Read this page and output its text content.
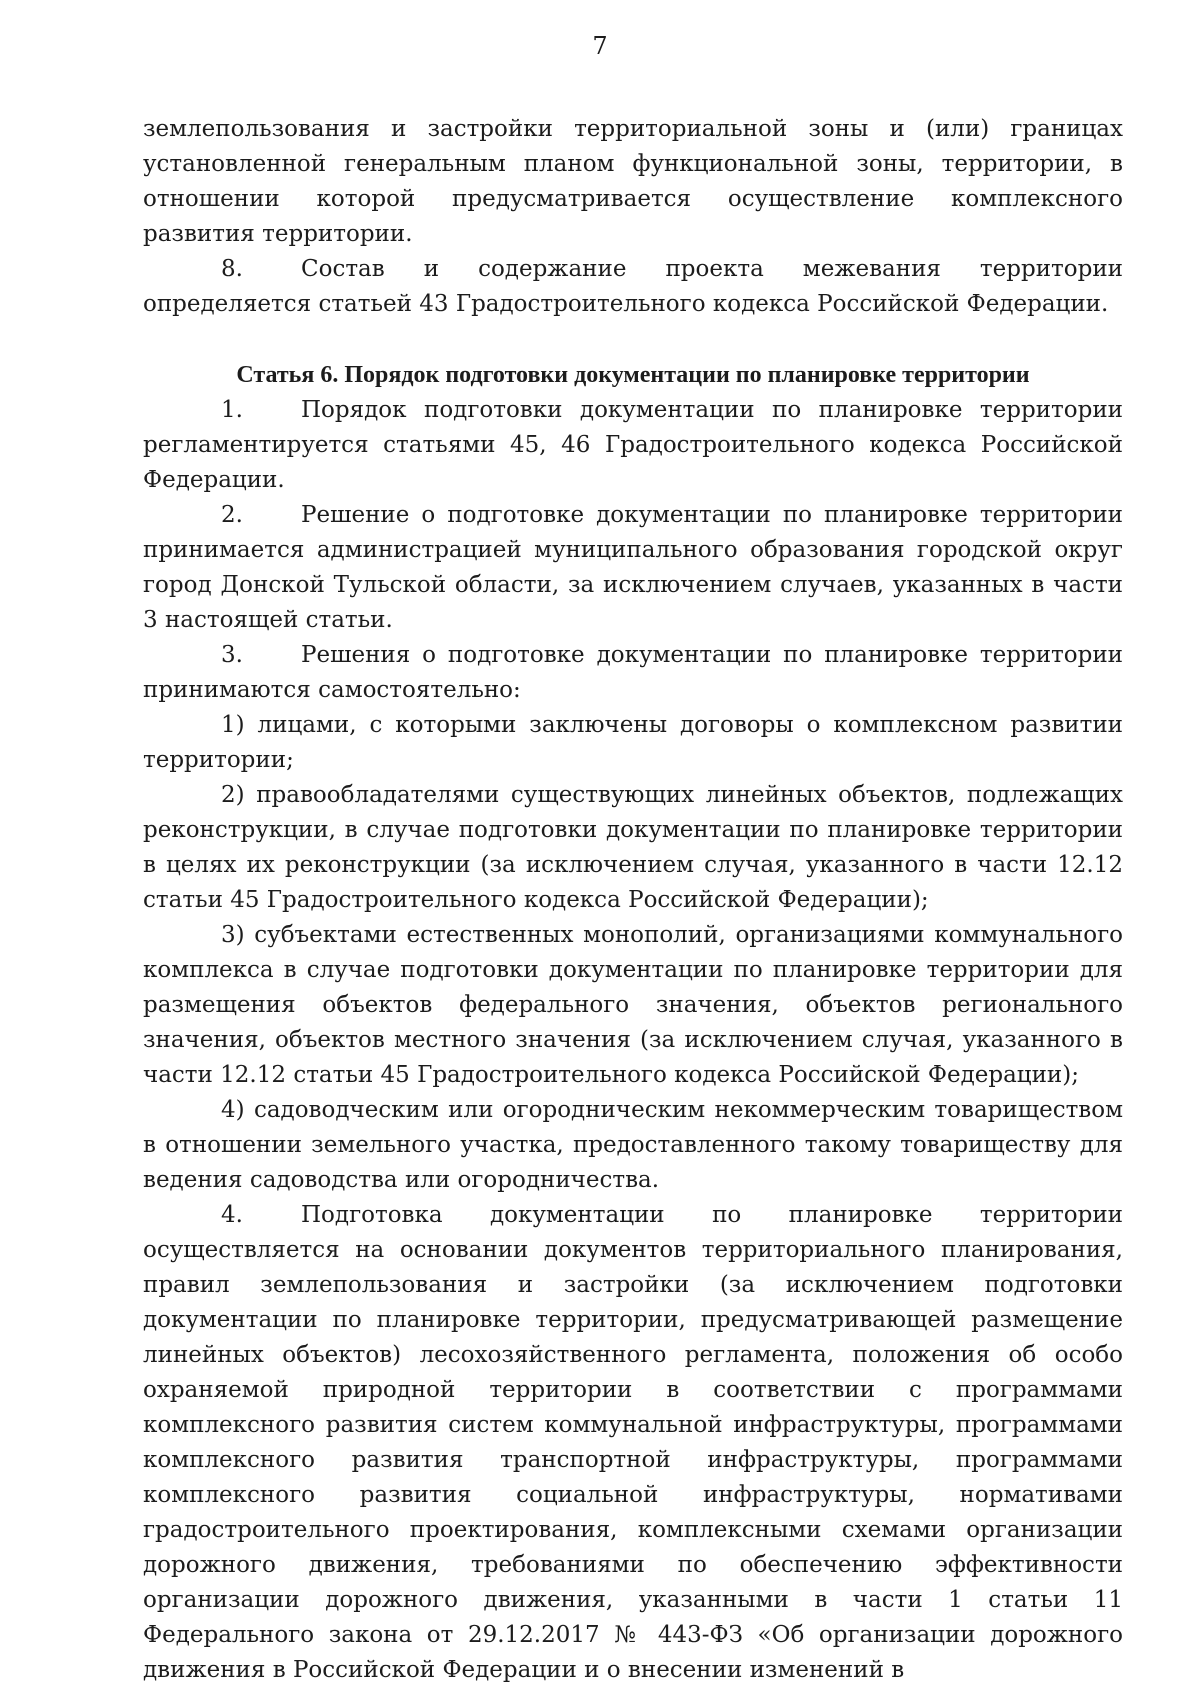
7

землепользования и застройки территориальной зоны и (или) границах установленной генеральным планом функциональной зоны, территории, в отношении которой предусматривается осуществление комплексного развития территории.

8.	Состав и содержание проекта межевания территории определяется статьей 43 Градостроительного кодекса Российской Федерации.

Статья 6. Порядок подготовки документации по планировке территории

1.	Порядок подготовки документации по планировке территории регламентируется статьями 45, 46 Градостроительного кодекса Российской Федерации.

2.	Решение о подготовке документации по планировке территории принимается администрацией муниципального образования городской округ город Донской Тульской области, за исключением случаев, указанных в части 3 настоящей статьи.

3.	Решения о подготовке документации по планировке территории принимаются самостоятельно:

1) лицами, с которыми заключены договоры о комплексном развитии территории;

2) правообладателями существующих линейных объектов, подлежащих реконструкции, в случае подготовки документации по планировке территории в целях их реконструкции (за исключением случая, указанного в части 12.12 статьи 45 Градостроительного кодекса Российской Федерации);

3) субъектами естественных монополий, организациями коммунального комплекса в случае подготовки документации по планировке территории для размещения объектов федерального значения, объектов регионального значения, объектов местного значения (за исключением случая, указанного в части 12.12 статьи 45 Градостроительного кодекса Российской Федерации);

4) садоводческим или огородническим некоммерческим товариществом в отношении земельного участка, предоставленного такому товариществу для ведения садоводства или огородничества.

4.	Подготовка документации по планировке территории осуществляется на основании документов территориального планирования, правил землепользования и застройки (за исключением подготовки документации по планировке территории, предусматривающей размещение линейных объектов) лесохозяйственного регламента, положения об особо охраняемой природной территории в соответствии с программами комплексного развития систем коммунальной инфраструктуры, программами комплексного развития транспортной инфраструктуры, программами комплексного развития социальной инфраструктуры, нормативами градостроительного проектирования, комплексными схемами организации дорожного движения, требованиями по обеспечению эффективности организации дорожного движения, указанными в части 1 статьи 11 Федерального закона от 29.12.2017 № 443-ФЗ «Об организации дорожного движения в Российской Федерации и о внесении изменений в
